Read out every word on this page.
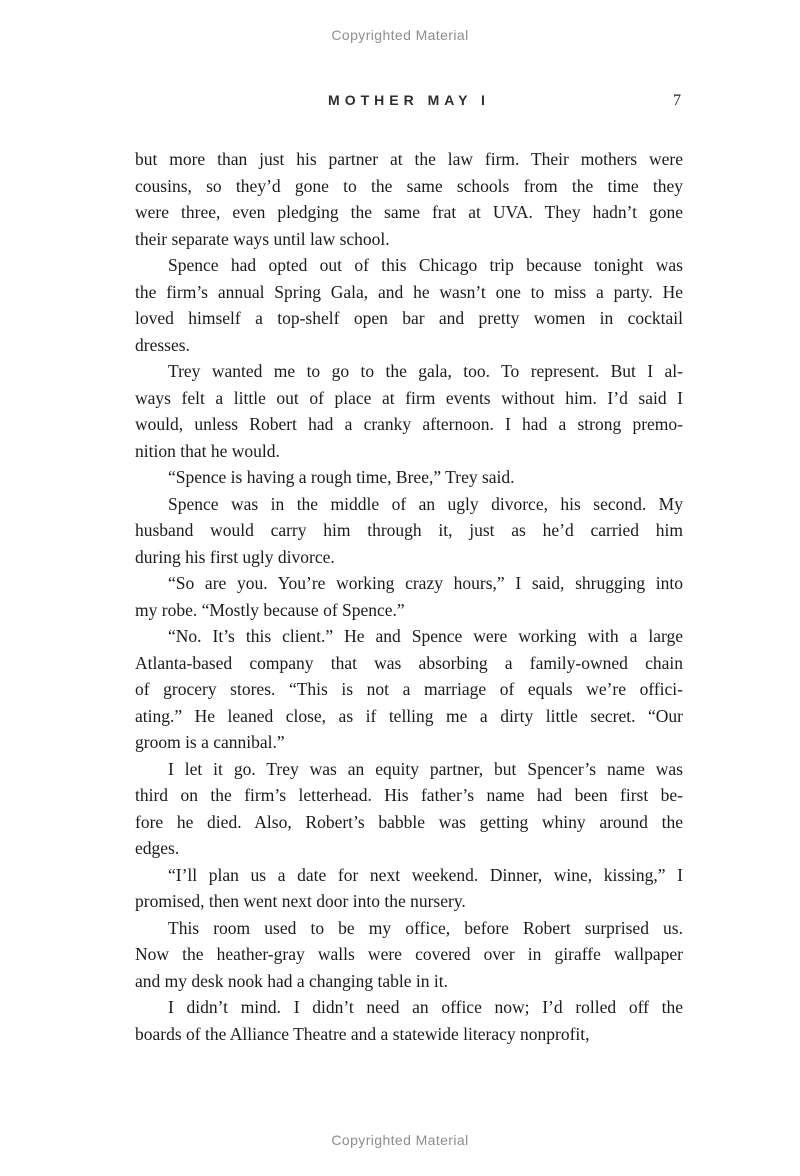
Copyrighted Material
MOTHER MAY I	7
but more than just his partner at the law firm. Their mothers were
cousins, so they’d gone to the same schools from the time they
were three, even pledging the same frat at UVA. They hadn’t gone
their separate ways until law school.
Spence had opted out of this Chicago trip because tonight was
the firm’s annual Spring Gala, and he wasn’t one to miss a party. He
loved himself a top-shelf open bar and pretty women in cocktail
dresses.
Trey wanted me to go to the gala, too. To represent. But I al-
ways felt a little out of place at firm events without him. I’d said I
would, unless Robert had a cranky afternoon. I had a strong premo-
nition that he would.
“Spence is having a rough time, Bree,” Trey said.
Spence was in the middle of an ugly divorce, his second. My
husband would carry him through it, just as he’d carried him
during his first ugly divorce.
“So are you. You’re working crazy hours,” I said, shrugging into
my robe. “Mostly because of Spence.”
“No. It’s this client.” He and Spence were working with a large
Atlanta-based company that was absorbing a family-owned chain
of grocery stores. “This is not a marriage of equals we’re offici-
ating.” He leaned close, as if telling me a dirty little secret. “Our
groom is a cannibal.”
I let it go. Trey was an equity partner, but Spencer’s name was
third on the firm’s letterhead. His father’s name had been first be-
fore he died. Also, Robert’s babble was getting whiny around the
edges.
“I’ll plan us a date for next weekend. Dinner, wine, kissing,” I
promised, then went next door into the nursery.
This room used to be my office, before Robert surprised us.
Now the heather-gray walls were covered over in giraffe wallpaper
and my desk nook had a changing table in it.
I didn’t mind. I didn’t need an office now; I’d rolled off the
boards of the Alliance Theatre and a statewide literacy nonprofit,
Copyrighted Material
